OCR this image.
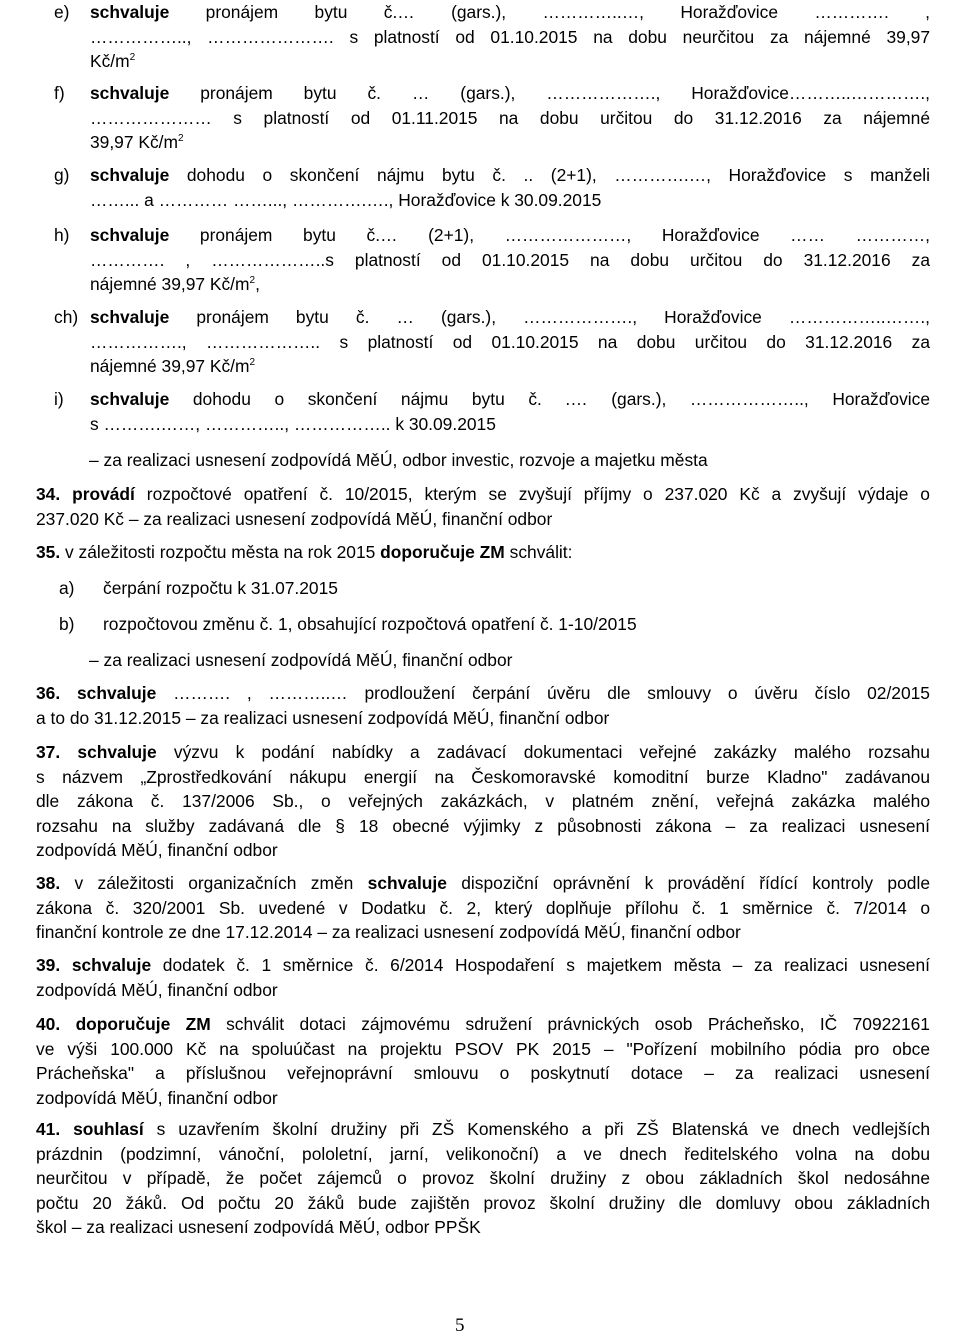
e) schvaluje pronájem bytu č.… (gars.), …………..…, Horažďovice …………. ,
…………….., …………………. s platností od 01.10.2015 na dobu neurčitou za nájemné 39,97
$Kč/m^2$
f) schvaluje pronájem bytu č. … (gars.), ………………., Horažďovice………..………….,
………………… s platností od 01.11.2015 na dobu určitou do 31.12.2016 za nájemné
39,97 $Kč/m^2$
g) schvaluje dohodu o skončení nájmu bytu č. .. (2+1), ………….…, Horažďovice s manželi
……... a ………… ……..., ………….…., Horažďovice k 30.09.2015
h) schvaluje pronájem bytu č.… (2+1), …………………, Horažďovice …… …………,
…………. , ………………..s platností od 01.10.2015 na dobu určitou do 31.12.2016 za
nájemné 39,97 $Kč/m^2$,
ch) schvaluje pronájem bytu č. … (gars.), ………………., Horažďovice ……………..…….,
……………., ……………….. s platností od 01.10.2015 na dobu určitou do 31.12.2016 za
nájemné 39,97 $Kč/m^2$
i) schvaluje dohodu o skončení nájmu bytu č. .… (gars.), ……………….., Horažďovice
s ……….……, ………….., …………….. k 30.09.2015
– za realizaci usnesení zodpovídá MěÚ, odbor investic, rozvoje a majetku města
34. provádí rozpočtové opatření č. 10/2015, kterým se zvyšují příjmy o 237.020 Kč a zvyšují výdaje o
237.020 Kč – za realizaci usnesení zodpovídá MěÚ, finanční odbor
35. v záležitosti rozpočtu města na rok 2015 doporučuje ZM schválit:
a) čerpání rozpočtu k 31.07.2015
b) rozpočtovou změnu č. 1, obsahující rozpočtová opatření č. 1-10/2015
– za realizaci usnesení zodpovídá MěÚ, finanční odbor
36. schvaluje ………. , ………..… prodloužení čerpání úvěru dle smlouvy o úvěru číslo 02/2015
a to do 31.12.2015 – za realizaci usnesení zodpovídá MěÚ, finanční odbor
37. schvaluje výzvu k podání nabídky a zadávací dokumentaci veřejné zakázky malého rozsahu
s názvem „Zprostředkování nákupu energií na Českomoravské komoditní burze Kladno" zadávanou
dle zákona č. 137/2006 Sb., o veřejných zakázkách, v platném znění, veřejná zakázka malého
rozsahu na služby zadávaná dle § 18 obecné výjimky z působnosti zákona – za realizaci usnesení
zodpovídá MěÚ, finanční odbor
38. v záležitosti organizačních změn schvaluje dispoziční oprávnění k provádění řídící kontroly podle
zákona č. 320/2001 Sb. uvedené v Dodatku č. 2, který doplňuje přílohu č. 1 směrnice č. 7/2014 o
finanční kontrole ze dne 17.12.2014 – za realizaci usnesení zodpovídá MěÚ, finanční odbor
39. schvaluje dodatek č. 1 směrnice č. 6/2014 Hospodaření s majetkem města – za realizaci usnesení
zodpovídá MěÚ, finanční odbor
40. doporučuje ZM schválit dotaci zájmovému sdružení právnických osob Prácheňsko, IČ 70922161
ve výši 100.000 Kč na spoluúčast na projektu PSOV PK 2015 – "Pořízení mobilního pódia pro obce
Prácheňska" a příslušnou veřejnoprávní smlouvu o poskytnutí dotace – za realizaci usnesení
zodpovídá MěÚ, finanční odbor
41. souhlasí s uzavřením školní družiny při ZŠ Komenského a při ZŠ Blatenská ve dnech vedlejších
prázdnin (podzimní, vánoční, pololetní, jarní, velikonoční) a ve dnech ředitelského volna na dobu
neurčitou v případě, že počet zájemců o provoz školní družiny z obou základních škol nedosáhne
počtu 20 žáků. Od počtu 20 žáků bude zajištěn provoz školní družiny dle domluvy obou základních
škol – za realizaci usnesení zodpovídá MěÚ, odbor PPŠK
5
